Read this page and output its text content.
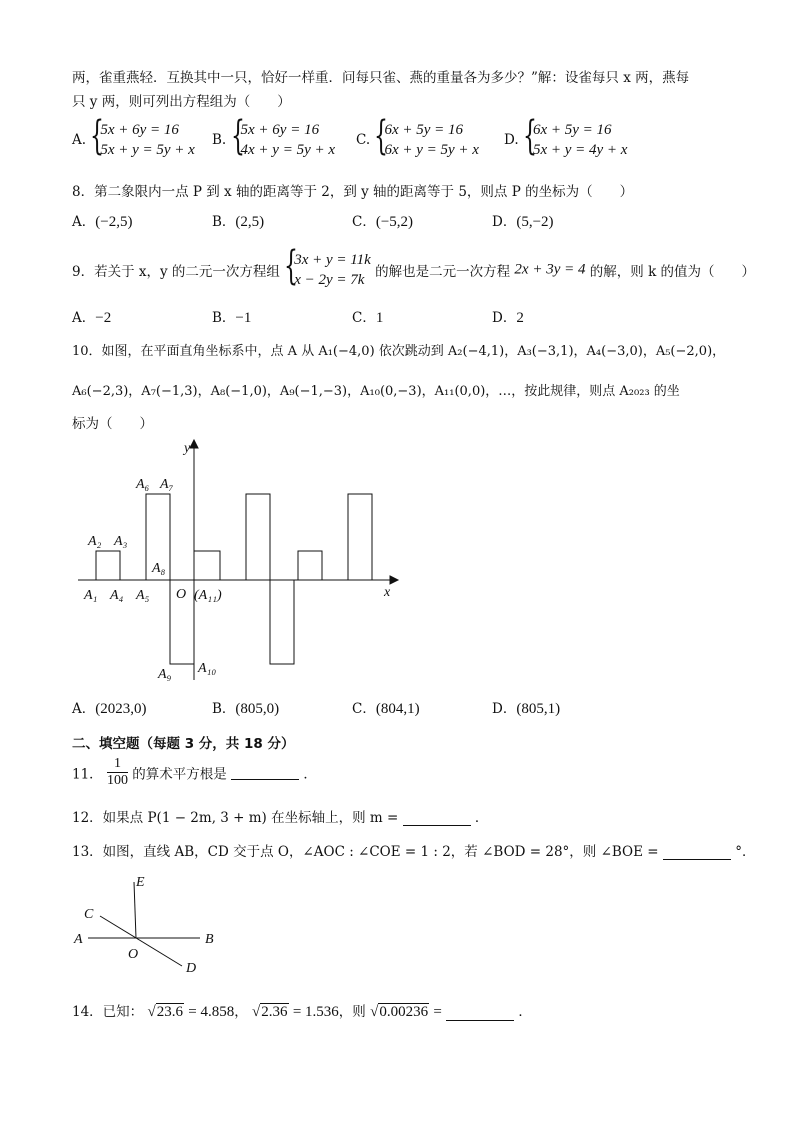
两，雀重燕轻．互换其中一只，恰好一样重．问每只雀、燕的重量各为多少？”解：设雀每只 x 两，燕每
只 y 两，则可列出方程组为（　　）
A. {
5x + 6y = 16
5x + y = 5y + x
B. {
5x + 6y = 16
4x + y = 5y + x
C. {
6x + 5y = 16
6x + y = 5y + x
D. {
6x + 5y = 16
5x + y = 4y + x
8．第二象限内一点 P 到 x 轴的距离等于 2，到 y 轴的距离等于 5，则点 P 的坐标为（　　）
A．(−2,5)	B．(2,5)	C．(−5,2)	D．(5,−2)
9．若关于 x，y 的二元一次方程组 {
3x + y = 11k
x − 2y = 7k 的解也是二元一次方程 2x + 3y = 4 的解，则 k 的值为（　　）
A．−2	B．−1	C．1	D．2
10．如图，在平面直角坐标系中，点 A 从 A₁(−4,0) 依次跳动到 A₂(−4,1)，A₃(−3,1)，A₄(−3,0)，A₅(−2,0)，
A₆(−2,3)，A₇(−1,3)，A₈(−1,0)，A₉(−1,−3)，A₁₀(0,−3)，A₁₁(0,0)，…，按此规律，则点 A₂₀₂₃ 的坐
标为（　　）
y
x
O
A₁
A₂ A₃
A₄ A₅
A₆ A₇
A₈
A₉ A₁₀
(A₁₁)
A．(2023,0)	B．(805,0)	C．(804,1)	D．(805,1)
二、填空题（每题 3 分，共 18 分）
11． $\frac{1}{100}$ 的算术平方根是	．
12．如果点 P(1 − 2m, 3 + m) 在坐标轴上，则 m =	．
13．如图，直线 AB，CD 交于点 O，∠AOC : ∠COE = 1 : 2，若 ∠BOD = 28°，则 ∠BOE =	°．
A	B
C
D
E
O
14．已知： √23.6 = 4.858， √2.36 = 1.536，则 √0.00236 =	．
